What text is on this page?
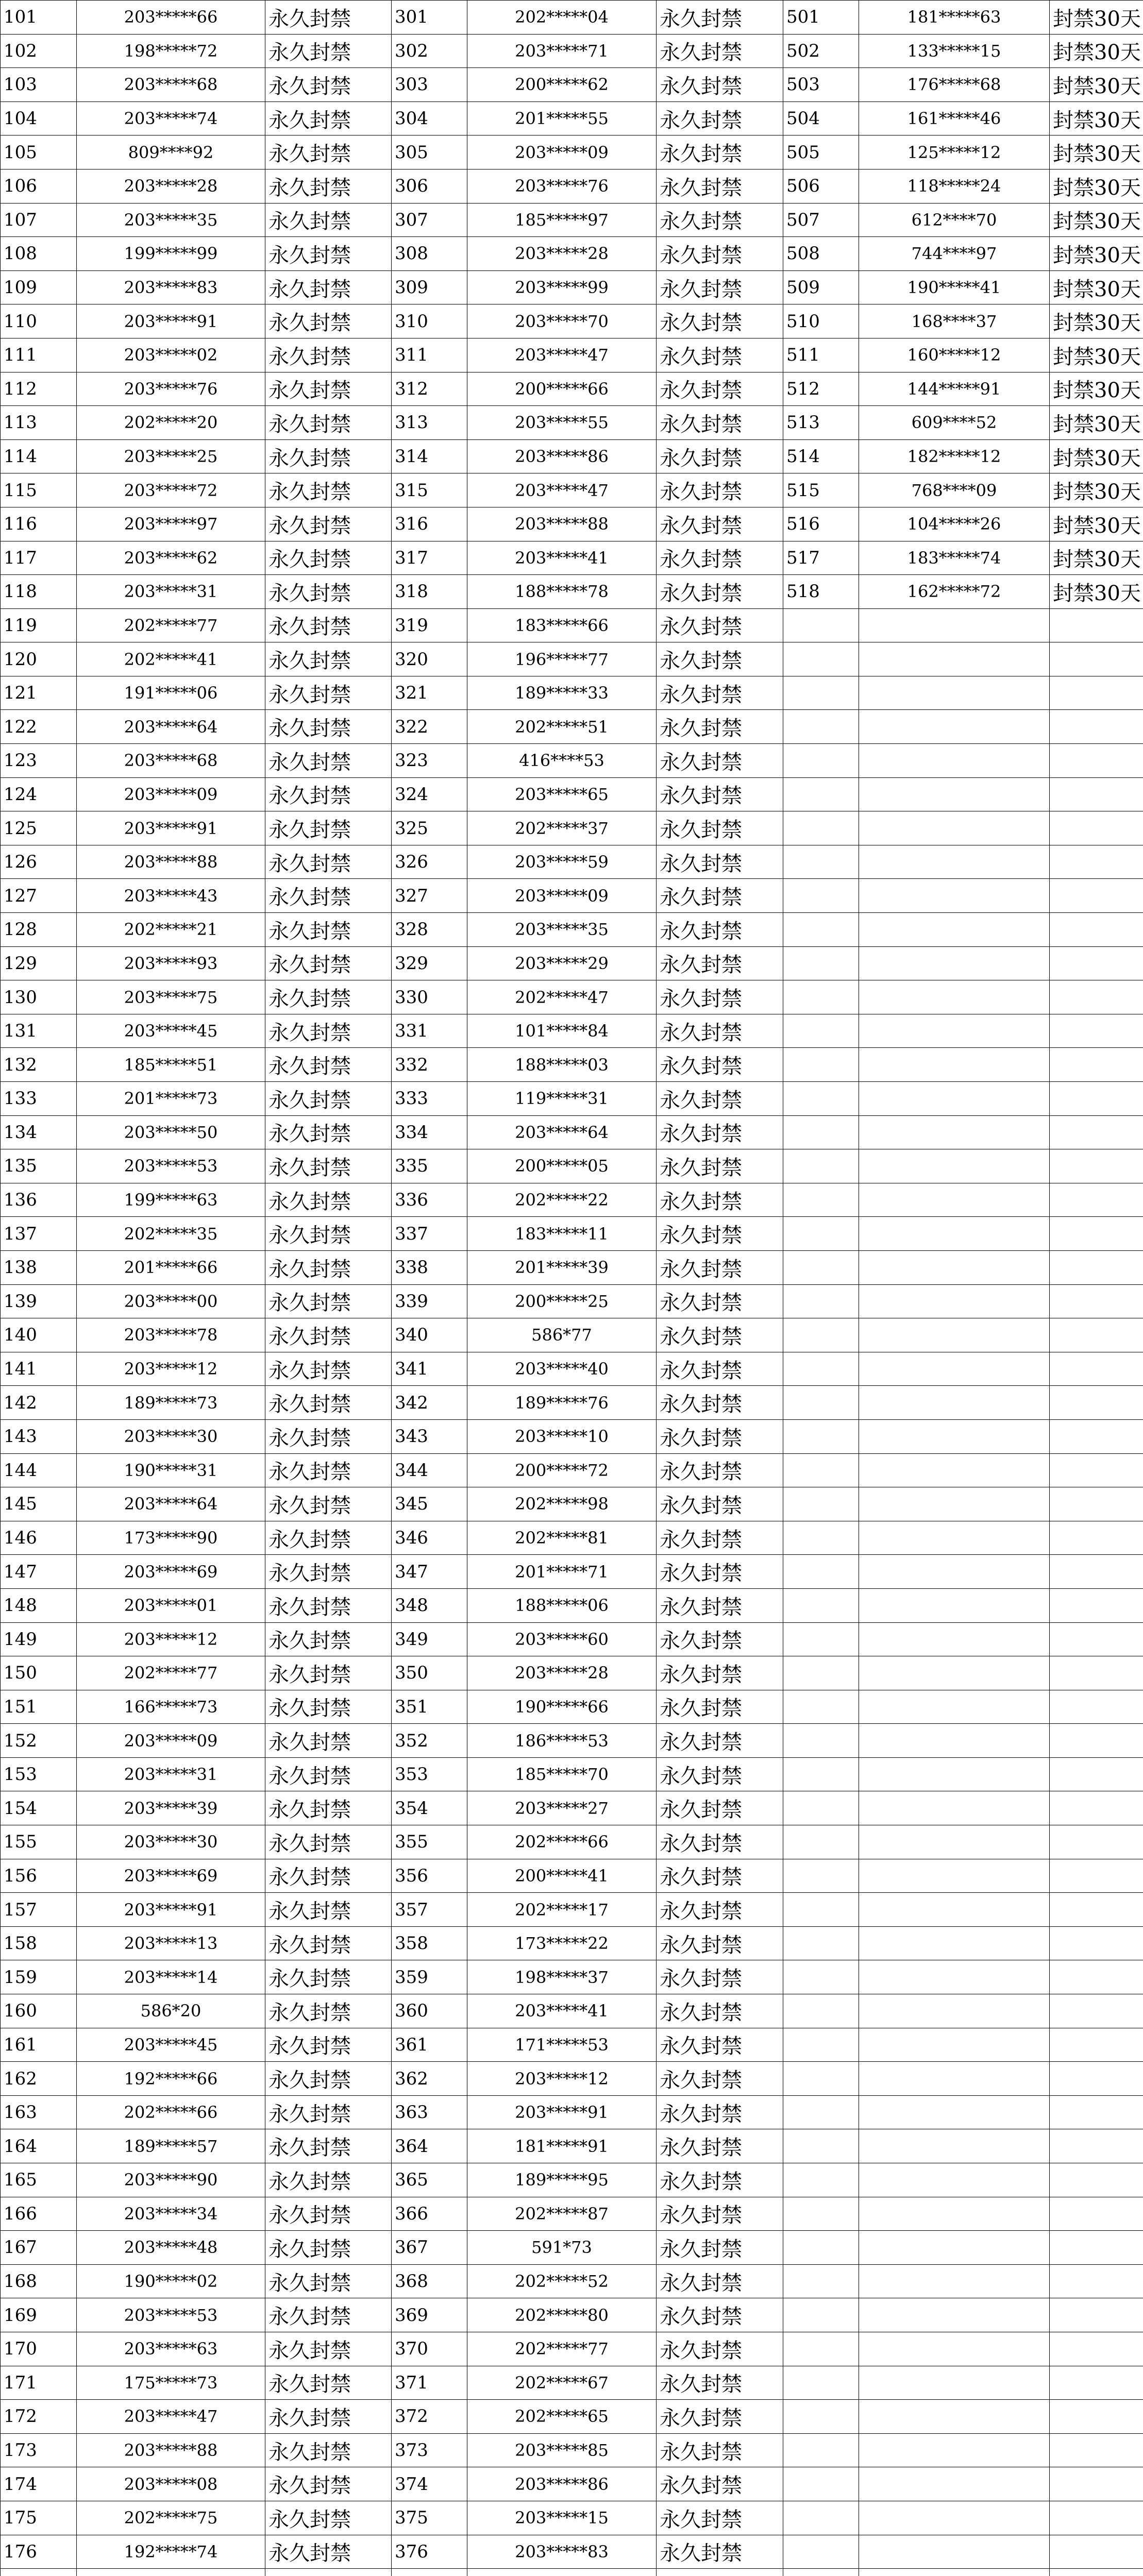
101	203*****66	永久封禁	301	202*****04	永久封禁	501	181*****63	封禁30天
102	198*****72	永久封禁	302	203*****71	永久封禁	502	133*****15	封禁30天
103	203*****68	永久封禁	303	200*****62	永久封禁	503	176*****68	封禁30天
104	203*****74	永久封禁	304	201*****55	永久封禁	504	161*****46	封禁30天
105	809****92	永久封禁	305	203*****09	永久封禁	505	125*****12	封禁30天
106	203*****28	永久封禁	306	203*****76	永久封禁	506	118*****24	封禁30天
107	203*****35	永久封禁	307	185*****97	永久封禁	507	612****70	封禁30天
108	199*****99	永久封禁	308	203*****28	永久封禁	508	744****97	封禁30天
109	203*****83	永久封禁	309	203*****99	永久封禁	509	190*****41	封禁30天
110	203*****91	永久封禁	310	203*****70	永久封禁	510	168****37	封禁30天
111	203*****02	永久封禁	311	203*****47	永久封禁	511	160*****12	封禁30天
112	203*****76	永久封禁	312	200*****66	永久封禁	512	144*****91	封禁30天
113	202*****20	永久封禁	313	203*****55	永久封禁	513	609****52	封禁30天
114	203*****25	永久封禁	314	203*****86	永久封禁	514	182*****12	封禁30天
115	203*****72	永久封禁	315	203*****47	永久封禁	515	768****09	封禁30天
116	203*****97	永久封禁	316	203*****88	永久封禁	516	104*****26	封禁30天
117	203*****62	永久封禁	317	203*****41	永久封禁	517	183*****74	封禁30天
118	203*****31	永久封禁	318	188*****78	永久封禁	518	162*****72	封禁30天
119	202*****77	永久封禁	319	183*****66	永久封禁			
120	202*****41	永久封禁	320	196*****77	永久封禁			
121	191*****06	永久封禁	321	189*****33	永久封禁			
122	203*****64	永久封禁	322	202*****51	永久封禁			
123	203*****68	永久封禁	323	416****53	永久封禁			
124	203*****09	永久封禁	324	203*****65	永久封禁			
125	203*****91	永久封禁	325	202*****37	永久封禁			
126	203*****88	永久封禁	326	203*****59	永久封禁			
127	203*****43	永久封禁	327	203*****09	永久封禁			
128	202*****21	永久封禁	328	203*****35	永久封禁			
129	203*****93	永久封禁	329	203*****29	永久封禁			
130	203*****75	永久封禁	330	202*****47	永久封禁			
131	203*****45	永久封禁	331	101*****84	永久封禁			
132	185*****51	永久封禁	332	188*****03	永久封禁			
133	201*****73	永久封禁	333	119*****31	永久封禁			
134	203*****50	永久封禁	334	203*****64	永久封禁			
135	203*****53	永久封禁	335	200*****05	永久封禁			
136	199*****63	永久封禁	336	202*****22	永久封禁			
137	202*****35	永久封禁	337	183*****11	永久封禁			
138	201*****66	永久封禁	338	201*****39	永久封禁			
139	203*****00	永久封禁	339	200*****25	永久封禁			
140	203*****78	永久封禁	340	586*77	永久封禁			
141	203*****12	永久封禁	341	203*****40	永久封禁			
142	189*****73	永久封禁	342	189*****76	永久封禁			
143	203*****30	永久封禁	343	203*****10	永久封禁			
144	190*****31	永久封禁	344	200*****72	永久封禁			
145	203*****64	永久封禁	345	202*****98	永久封禁			
146	173*****90	永久封禁	346	202*****81	永久封禁			
147	203*****69	永久封禁	347	201*****71	永久封禁			
148	203*****01	永久封禁	348	188*****06	永久封禁			
149	203*****12	永久封禁	349	203*****60	永久封禁			
150	202*****77	永久封禁	350	203*****28	永久封禁			
151	166*****73	永久封禁	351	190*****66	永久封禁			
152	203*****09	永久封禁	352	186*****53	永久封禁			
153	203*****31	永久封禁	353	185*****70	永久封禁			
154	203*****39	永久封禁	354	203*****27	永久封禁			
155	203*****30	永久封禁	355	202*****66	永久封禁			
156	203*****69	永久封禁	356	200*****41	永久封禁			
157	203*****91	永久封禁	357	202*****17	永久封禁			
158	203*****13	永久封禁	358	173*****22	永久封禁			
159	203*****14	永久封禁	359	198*****37	永久封禁			
160	586*20	永久封禁	360	203*****41	永久封禁			
161	203*****45	永久封禁	361	171*****53	永久封禁			
162	192*****66	永久封禁	362	203*****12	永久封禁			
163	202*****66	永久封禁	363	203*****91	永久封禁			
164	189*****57	永久封禁	364	181*****91	永久封禁			
165	203*****90	永久封禁	365	189*****95	永久封禁			
166	203*****34	永久封禁	366	202*****87	永久封禁			
167	203*****48	永久封禁	367	591*73	永久封禁			
168	190*****02	永久封禁	368	202*****52	永久封禁			
169	203*****53	永久封禁	369	202*****80	永久封禁			
170	203*****63	永久封禁	370	202*****77	永久封禁			
171	175*****73	永久封禁	371	202*****67	永久封禁			
172	203*****47	永久封禁	372	202*****65	永久封禁			
173	203*****88	永久封禁	373	203*****85	永久封禁			
174	203*****08	永久封禁	374	203*****86	永久封禁			
175	202*****75	永久封禁	375	203*****15	永久封禁			
176	192*****74	永久封禁	376	203*****83	永久封禁			
